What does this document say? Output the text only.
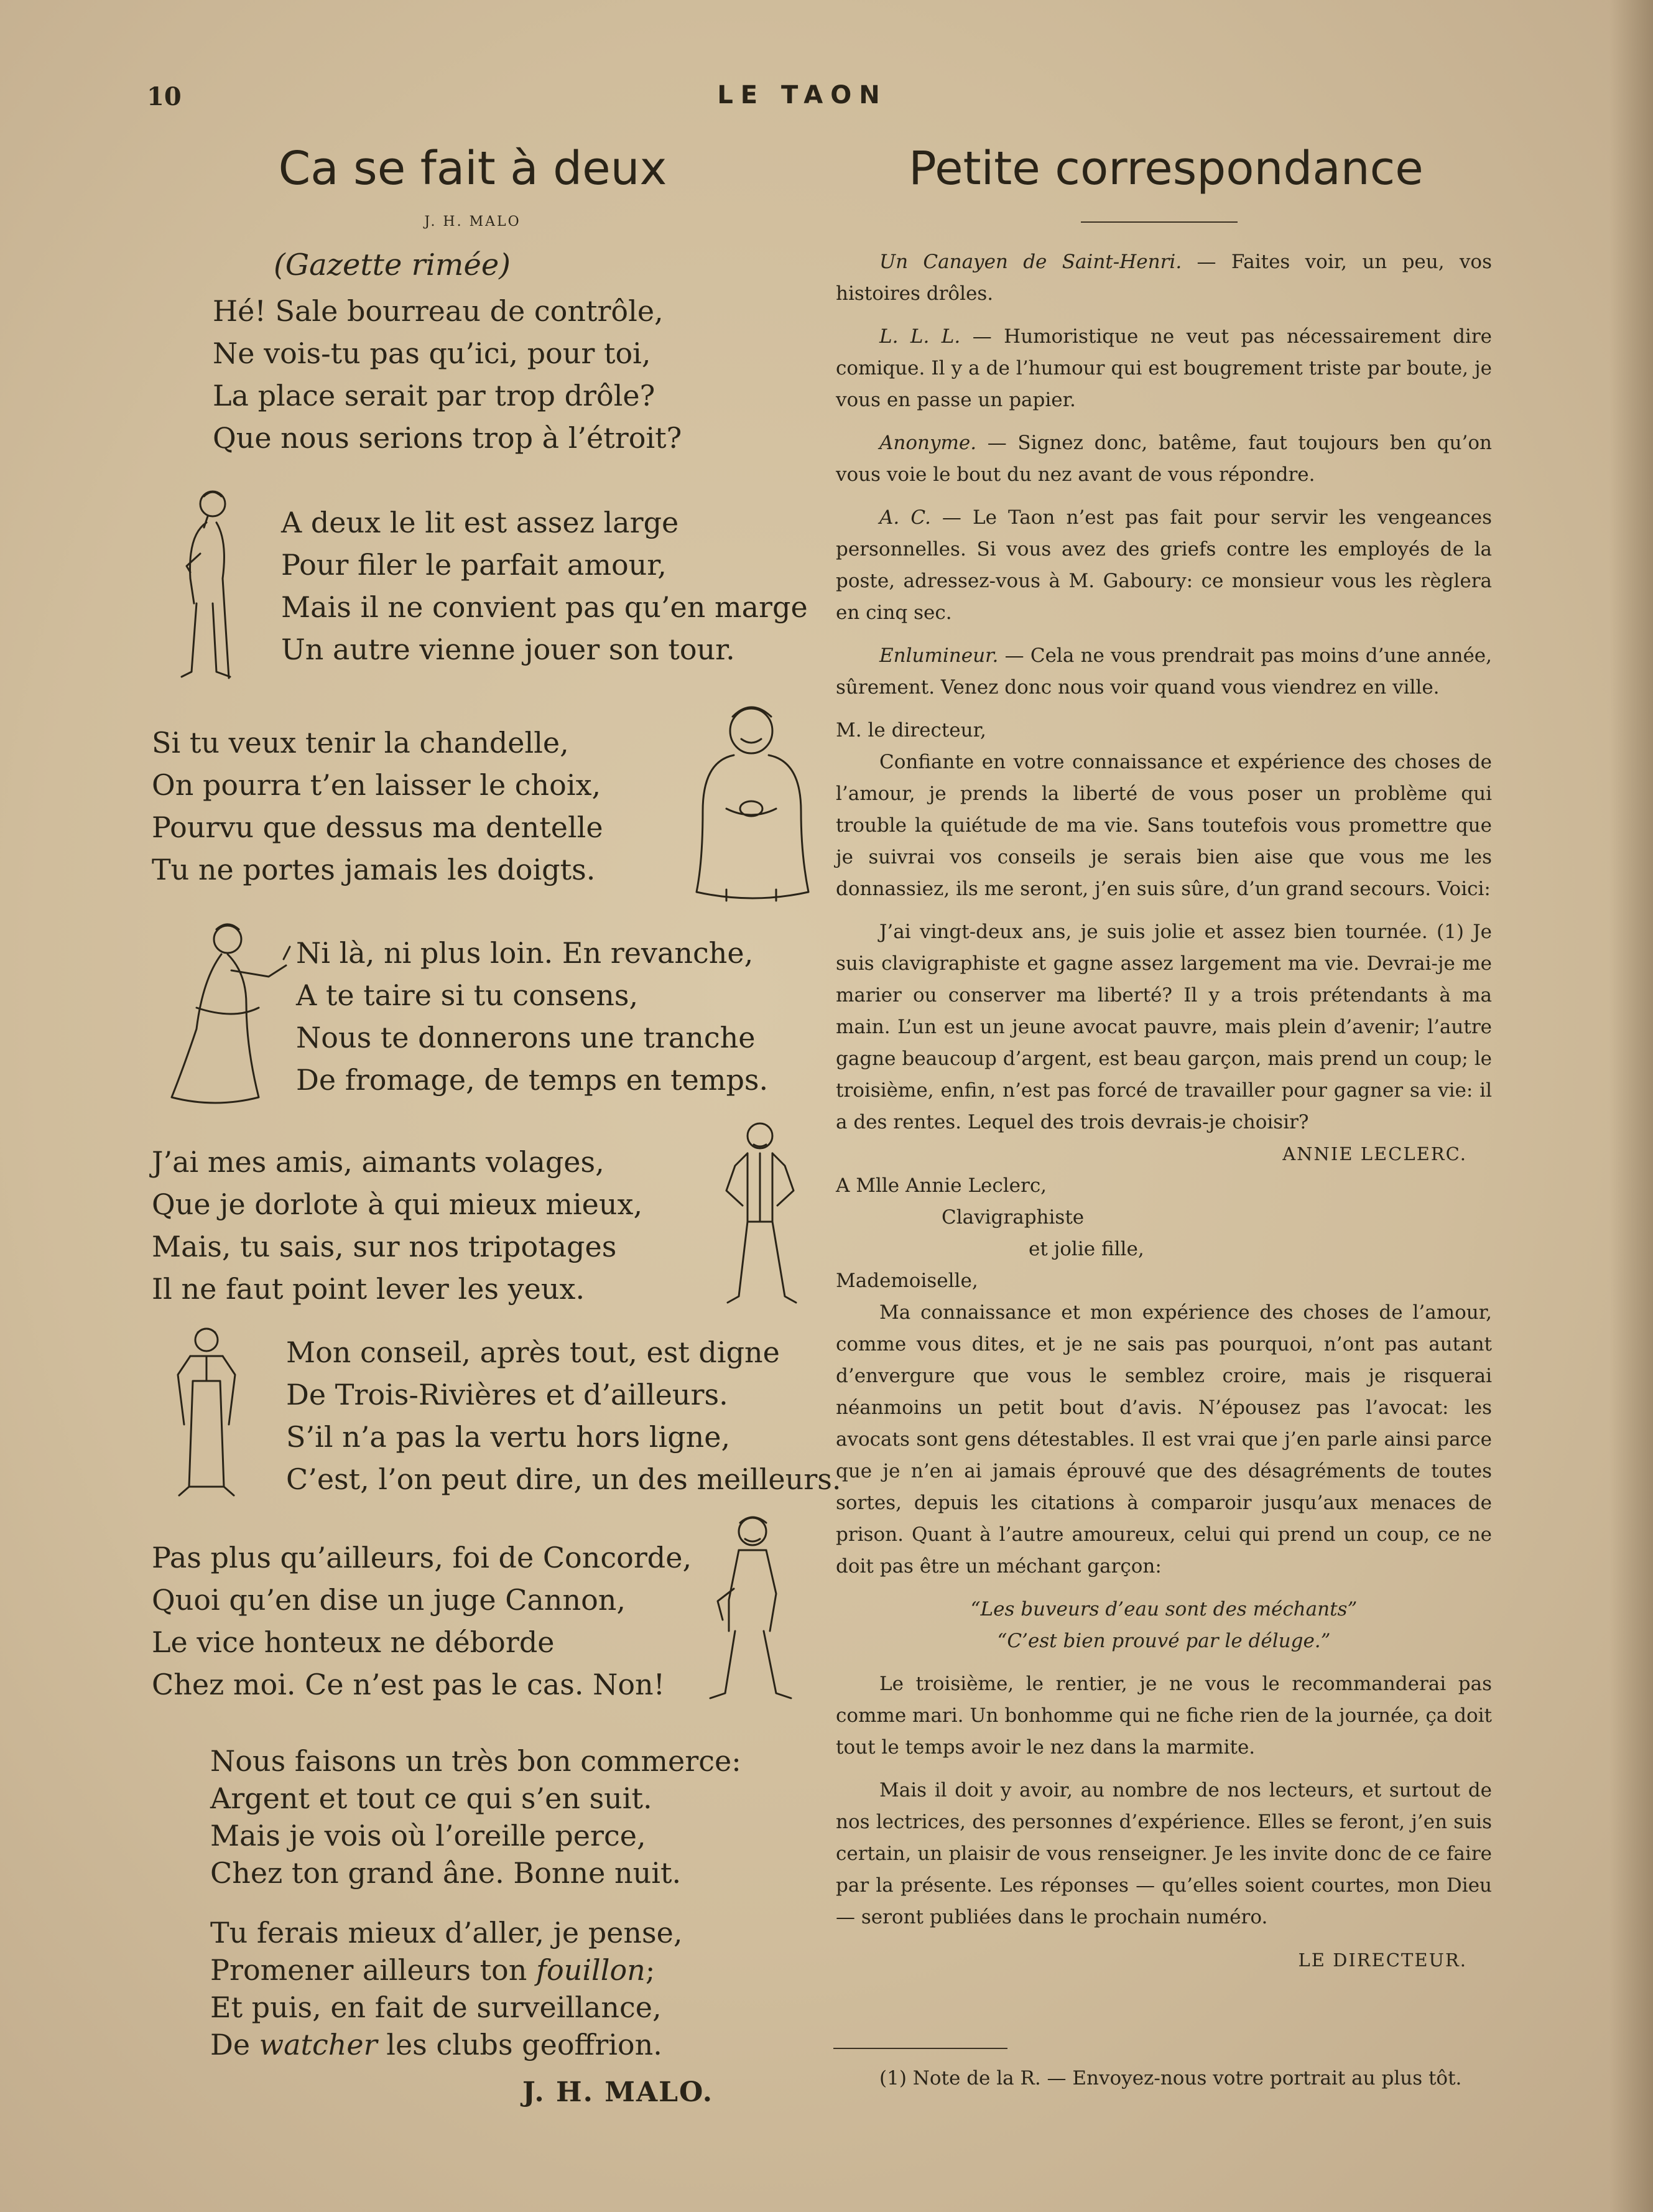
10	LE TAON
Ca se fait à deux
J. H. MALO
(Gazette rimée)
Hé! Sale bourreau de contrôle,
Ne vois-tu pas qu’ici, pour toi,
La place serait par trop drôle?
Que nous serions trop à l’étroit?
A deux le lit est assez large
Pour filer le parfait amour,
Mais il ne convient pas qu’en marge
Un autre vienne jouer son tour.
Si tu veux tenir la chandelle,
On pourra t’en laisser le choix,
Pourvu que dessus ma dentelle
Tu ne portes jamais les doigts.
Ni là, ni plus loin. En revanche,
A te taire si tu consens,
Nous te donnerons une tranche
De fromage, de temps en temps.
J’ai mes amis, aimants volages,
Que je dorlote à qui mieux mieux,
Mais, tu sais, sur nos tripotages
Il ne faut point lever les yeux.
Mon conseil, après tout, est digne
De Trois-Rivières et d’ailleurs.
S’il n’a pas la vertu hors ligne,
C’est, l’on peut dire, un des meilleurs.
Pas plus qu’ailleurs, foi de Concorde,
Quoi qu’en dise un juge Cannon,
Le vice honteux ne déborde
Chez moi. Ce n’est pas le cas. Non!
Nous faisons un très bon commerce:
Argent et tout ce qui s’en suit.
Mais je vois où l’oreille perce,
Chez ton grand âne. Bonne nuit.
Tu ferais mieux d’aller, je pense,
Promener ailleurs ton fouillon;
Et puis, en fait de surveillance,
De watcher les clubs geoffrion.
J. H. MALO.
Petite correspondance

Un Canayen de Saint-Henri. — Faites voir, un peu, vos histoires drôles.

L. L. L. — Humoristique ne veut pas nécessairement dire comique. Il y a de l’humour qui est bougrement triste par boute, je vous en passe un papier.

Anonyme. — Signez donc, batême, faut toujours ben qu’on vous voie le bout du nez avant de vous répondre.

A. C. — Le Taon n’est pas fait pour servir les vengeances personnelles. Si vous avez des griefs contre les employés de la poste, adressez-vous à M. Gaboury: ce monsieur vous les règlera en cinq sec.

Enlumineur. — Cela ne vous prendrait pas moins d’une année, sûrement. Venez donc nous voir quand vous viendrez en ville.

M. le directeur,

Confiante en votre connaissance et expérience des choses de l’amour, je prends la liberté de vous poser un problème qui trouble la quiétude de ma vie. Sans toutefois vous promettre que je suivrai vos conseils je serais bien aise que vous me les donnassiez, ils me seront, j’en suis sûre, d’un grand secours. Voici:

J’ai vingt-deux ans, je suis jolie et assez bien tournée. (1) Je suis clavigraphiste et gagne assez largement ma vie. Devrai-je me marier ou conserver ma liberté? Il y a trois prétendants à ma main. L’un est un jeune avocat pauvre, mais plein d’avenir; l’autre gagne beaucoup d’argent, est beau garçon, mais prend un coup; le troisième, enfin, n’est pas forcé de travailler pour gagner sa vie: il a des rentes. Lequel des trois devrais-je choisir?

ANNIE LECLERC.

A Mlle Annie Leclerc,

Clavigraphiste

et jolie fille,

Mademoiselle,

Ma connaissance et mon expérience des choses de l’amour, comme vous dites, et je ne sais pas pourquoi, n’ont pas autant d’envergure que vous le semblez croire, mais je risquerai néanmoins un petit bout d’avis. N’épousez pas l’avocat: les avocats sont gens détestables. Il est vrai que j’en parle ainsi parce que je n’en ai jamais éprouvé que des désagréments de toutes sortes, depuis les citations à comparoir jusqu’aux menaces de prison. Quant à l’autre amoureux, celui qui prend un coup, ce ne doit pas être un méchant garçon:

“Les buveurs d’eau sont des méchants”

“C’est bien prouvé par le déluge.”

Le troisième, le rentier, je ne vous le recommanderai pas comme mari. Un bonhomme qui ne fiche rien de la journée, ça doit tout le temps avoir le nez dans la marmite.

Mais il doit y avoir, au nombre de nos lecteurs, et surtout de nos lectrices, des personnes d’expérience. Elles se feront, j’en suis certain, un plaisir de vous renseigner. Je les invite donc de ce faire par la présente. Les réponses — qu’elles soient courtes, mon Dieu — seront publiées dans le prochain numéro.

LE DIRECTEUR.

(1) Note de la R. — Envoyez-nous votre portrait au plus tôt.
